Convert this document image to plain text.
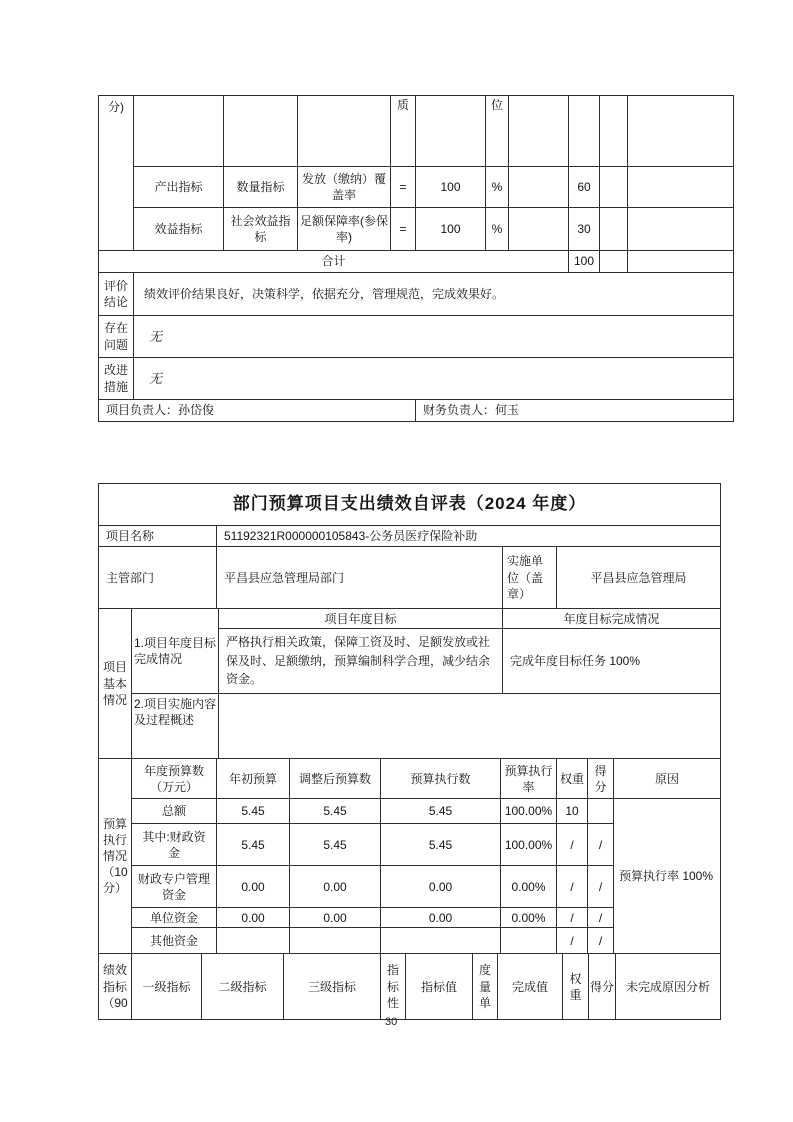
分)				质		位				
	产出指标	数量指标	发放（缴纳）覆盖率	=	100	%		60		
	效益指标	社会效益指标	足额保障率(参保率)	=	100	%		30		
合计								100		
评价结论	绩效评价结果良好，决策科学，依据充分，管理规范，完成效果好。									
存在问题	无									
改进措施	无									
项目负责人：孙岱俊					财务负责人：何玉					
部门预算项目支出绩效自评表（2024 年度）			
项目名称	51192321R000000105843-公务员医疗保险补助		
主管部门	平昌县应急管理局部门	实施单位（盖章）	平昌县应急管理局
项目基本情况	1.项目年度目标完成情况	项目年度目标	年度目标完成情况
		严格执行相关政策，保障工资及时、足额发放或社保及时、足额缴纳，预算编制科学合理，减少结余资金。	完成年度目标任务 100%
	2.项目实施内容及过程概述		
预算执行情况（10分）	年度预算数（万元）	年初预算	调整后预算数	预算执行数	预算执行率	权重	得分	原因
	总额	5.45	5.45	5.45	100.00%	10		预算执行率 100%
	其中:财政资金	5.45	5.45	5.45	100.00%	/	/	
	财政专户管理资金	0.00	0.00	0.00	0.00%	/	/	
	单位资金	0.00	0.00	0.00	0.00%	/	/	
	其他资金					/	/	
绩效指标（90	一级指标	二级指标	三级指标	指标性	指标值	度量单	完成值	权重	得分	未完成原因分析
30
